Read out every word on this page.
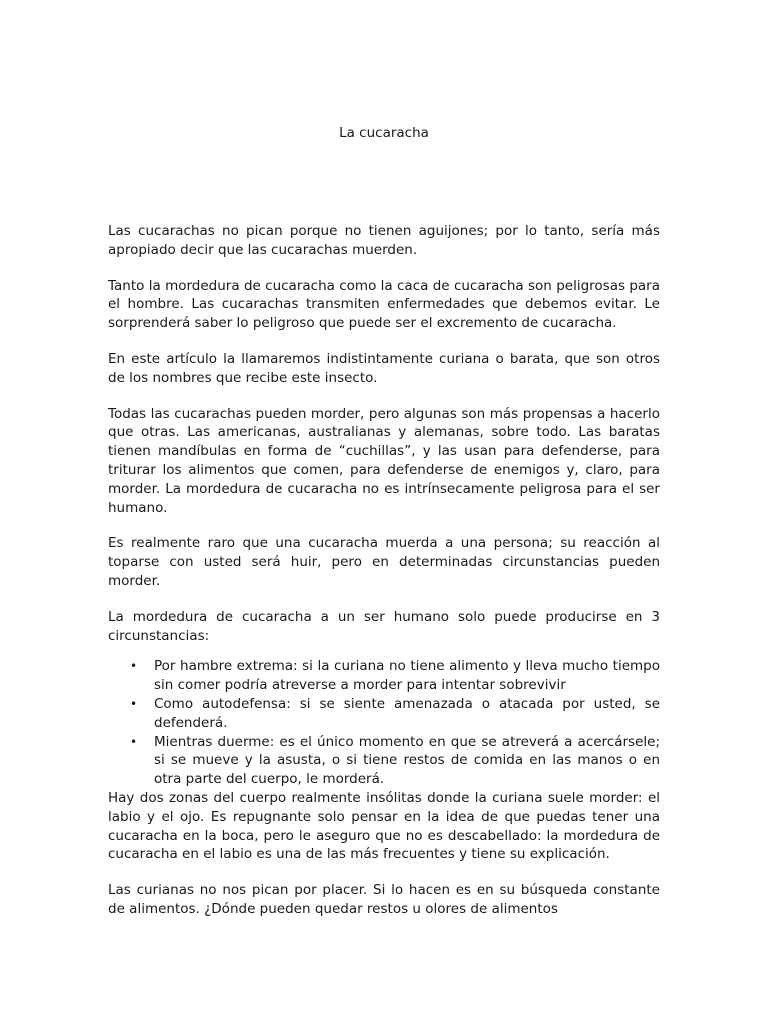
La cucaracha

Las cucarachas no pican porque no tienen aguijones; por lo tanto, sería más apropiado decir que las cucarachas muerden.

Tanto la mordedura de cucaracha como la caca de cucaracha son peligrosas para el hombre. Las cucarachas transmiten enfermedades que debemos evitar. Le sorprenderá saber lo peligroso que puede ser el excremento de cucaracha.

En este artículo la llamaremos indistintamente curiana o barata, que son otros de los nombres que recibe este insecto.

Todas las cucarachas pueden morder, pero algunas son más propensas a hacerlo que otras. Las americanas, australianas y alemanas, sobre todo. Las baratas tienen mandíbulas en forma de “cuchillas”, y las usan para defenderse, para triturar los alimentos que comen, para defenderse de enemigos y, claro, para morder. La mordedura de cucaracha no es intrínsecamente peligrosa para el ser humano.

Es realmente raro que una cucaracha muerda a una persona; su reacción al toparse con usted será huir, pero en determinadas circunstancias pueden morder.

La mordedura de cucaracha a un ser humano solo puede producirse en 3 circunstancias:

• Por hambre extrema: si la curiana no tiene alimento y lleva mucho tiempo sin comer podría atreverse a morder para intentar sobrevivir
• Como autodefensa: si se siente amenazada o atacada por usted, se defenderá.
• Mientras duerme: es el único momento en que se atreverá a acercársele; si se mueve y la asusta, o si tiene restos de comida en las manos o en otra parte del cuerpo, le morderá.

Hay dos zonas del cuerpo realmente insólitas donde la curiana suele morder: el labio y el ojo. Es repugnante solo pensar en la idea de que puedas tener una cucaracha en la boca, pero le aseguro que no es descabellado: la mordedura de cucaracha en el labio es una de las más frecuentes y tiene su explicación.

Las curianas no nos pican por placer. Si lo hacen es en su búsqueda constante de alimentos. ¿Dónde pueden quedar restos u olores de alimentos
